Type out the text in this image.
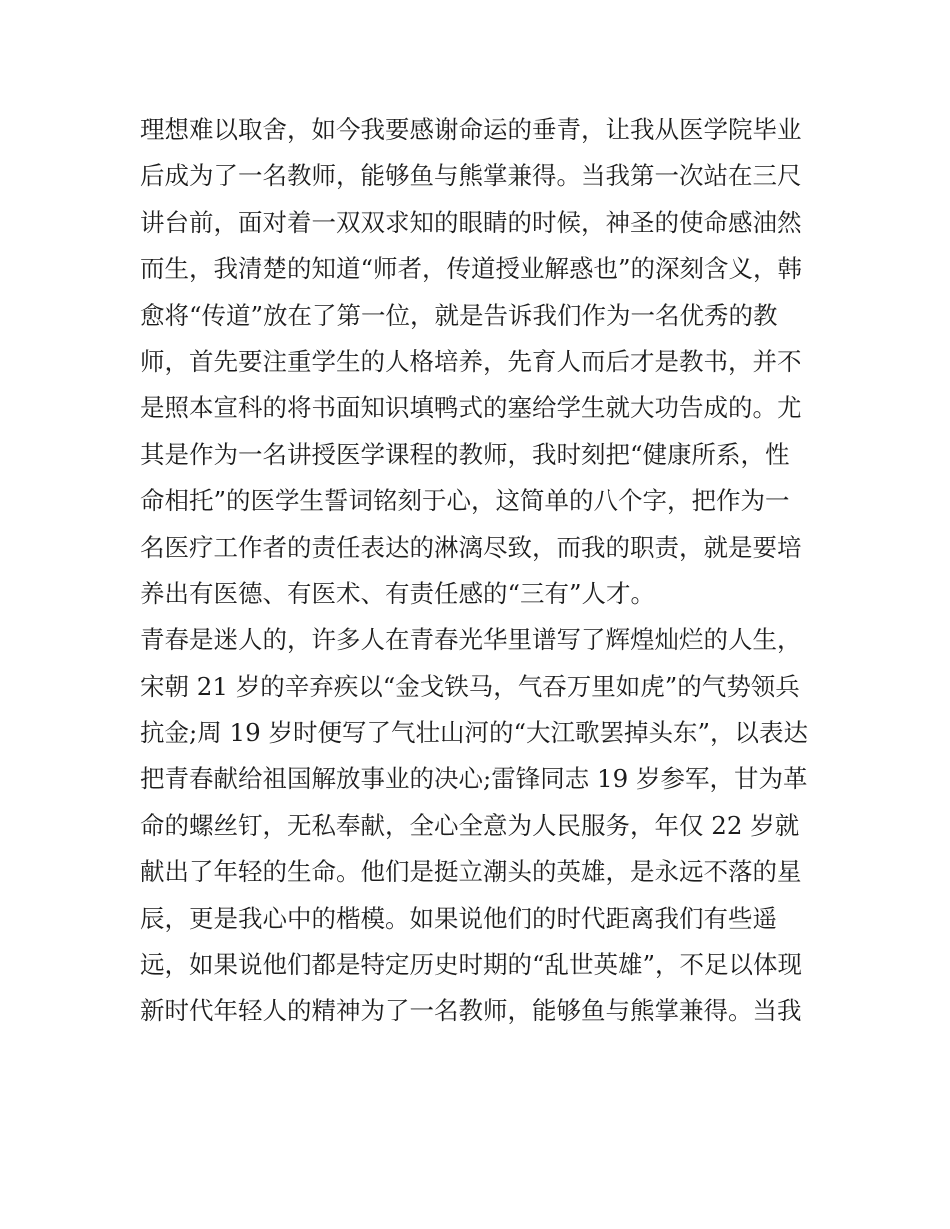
理想难以取舍，如今我要感谢命运的垂青，让我从医学院毕业
后成为了一名教师，能够鱼与熊掌兼得。当我第一次站在三尺
讲台前，面对着一双双求知的眼睛的时候，神圣的使命感油然
而生，我清楚的知道“师者，传道授业解惑也”的深刻含义，韩
愈将“传道”放在了第一位，就是告诉我们作为一名优秀的教
师，首先要注重学生的人格培养，先育人而后才是教书，并不
是照本宣科的将书面知识填鸭式的塞给学生就大功告成的。尤
其是作为一名讲授医学课程的教师，我时刻把“健康所系，性
命相托”的医学生誓词铭刻于心，这简单的八个字，把作为一
名医疗工作者的责任表达的淋漓尽致，而我的职责，就是要培
养出有医德、有医术、有责任感的“三有”人才。
青春是迷人的，许多人在青春光华里谱写了辉煌灿烂的人生，
宋朝 21 岁的辛弃疾以“金戈铁马，气吞万里如虎”的气势领兵
抗金;周 19 岁时便写了气壮山河的“大江歌罢掉头东”，以表达
把青春献给祖国解放事业的决心;雷锋同志 19 岁参军，甘为革
命的螺丝钉，无私奉献，全心全意为人民服务，年仅 22 岁就
献出了年轻的生命。他们是挺立潮头的英雄，是永远不落的星
辰，更是我心中的楷模。如果说他们的时代距离我们有些遥
远，如果说他们都是特定历史时期的“乱世英雄”，不足以体现
新时代年轻人的精神为了一名教师，能够鱼与熊掌兼得。当我
